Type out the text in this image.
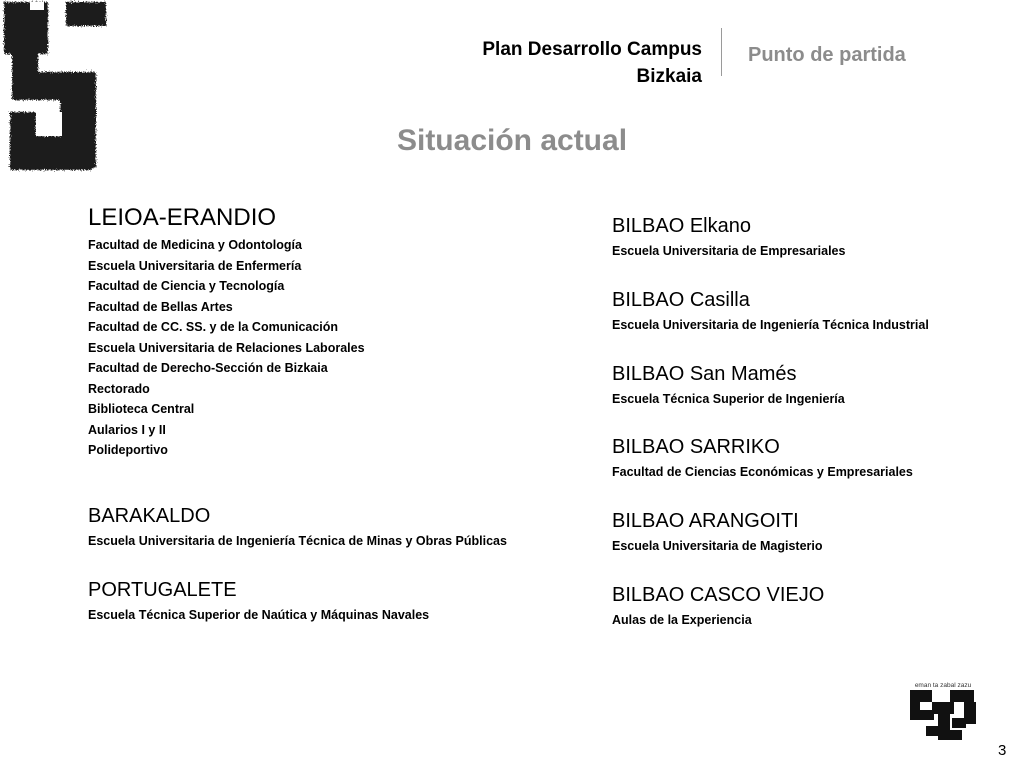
Plan Desarrollo Campus
Bizkaia
Punto de partida
Situación actual
LEIOA-ERANDIO
Facultad de Medicina y Odontología
Escuela Universitaria de Enfermería
Facultad de Ciencia y Tecnología
Facultad de Bellas Artes
Facultad de CC. SS. y de la Comunicación
Escuela Universitaria de Relaciones Laborales
Facultad de Derecho-Sección de Bizkaia
Rectorado
Biblioteca Central
Aularios I y II
Polideportivo
BARAKALDO
Escuela Universitaria de Ingeniería Técnica de Minas y Obras Públicas
PORTUGALETE
Escuela Técnica Superior de Naútica y Máquinas Navales
BILBAO Elkano
Escuela Universitaria de Empresariales
BILBAO Casilla
Escuela Universitaria de Ingeniería Técnica Industrial
BILBAO San Mamés
Escuela Técnica Superior de Ingeniería
BILBAO SARRIKO
Facultad de Ciencias Económicas y Empresariales
BILBAO ARANGOITI
Escuela Universitaria de Magisterio
BILBAO CASCO VIEJO
Aulas de la Experiencia
eman ta zabal zazu
3
